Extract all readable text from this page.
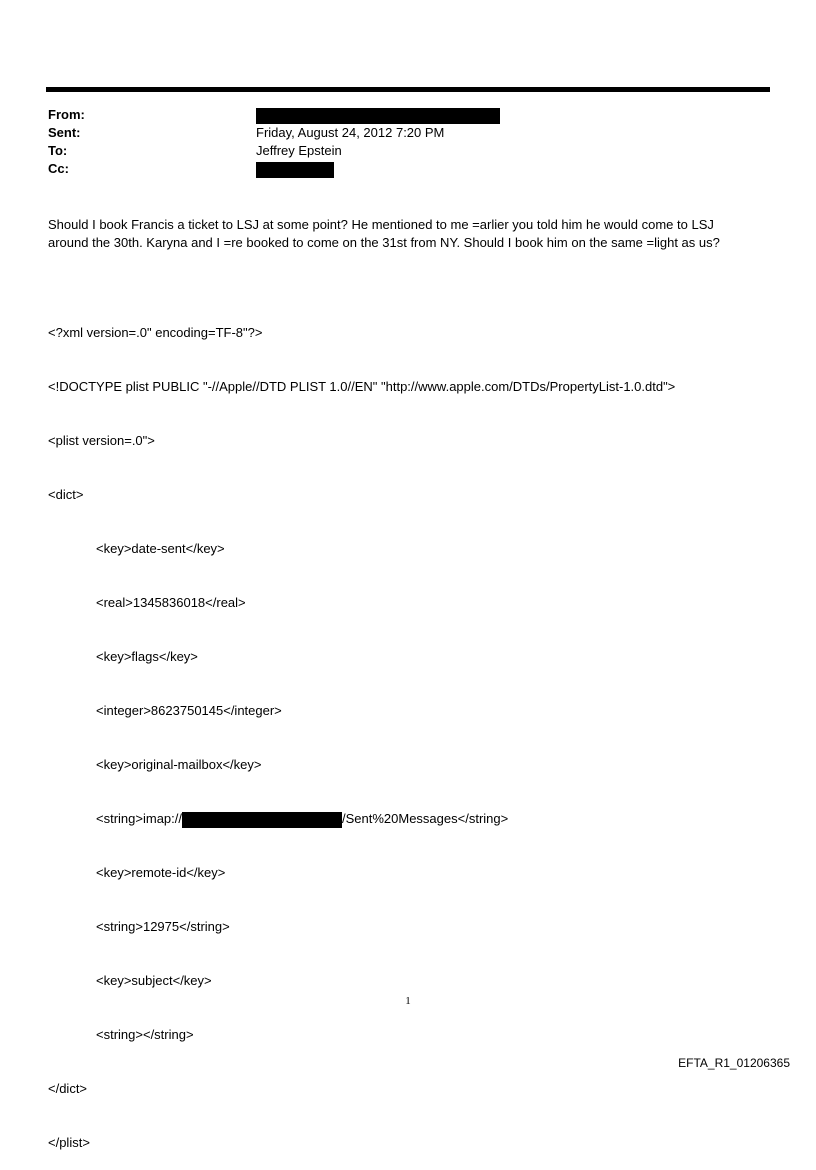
From:
Sent:	Friday, August 24, 2012 7:20 PM
To:	Jeffrey Epstein
Cc:

Should I book Francis a ticket to LSJ at some point? He mentioned to me =arlier you told him he would come to LSJ

around the 30th. Karyna and I =re booked to come on the 31st from NY. Should I book him on the same =light as us?

<?xml version=.0" encoding=TF-8"?>

<!DOCTYPE plist PUBLIC "-//Apple//DTD PLIST 1.0//EN" "http://www.apple.com/DTDs/PropertyList-1.0.dtd">

<plist version=.0">

<dict>

<key>date-sent</key>

<real>1345836018</real>

<key>flags</key>

<integer>8623750145</integer>

<key>original-mailbox</key>

<string>imap://	/Sent%20Messages</string>

<key>remote-id</key>

<string>12975</string>

<key>subject</key>

<string></string>

</dict>

</plist>

1
EFTA_R1_01206365
